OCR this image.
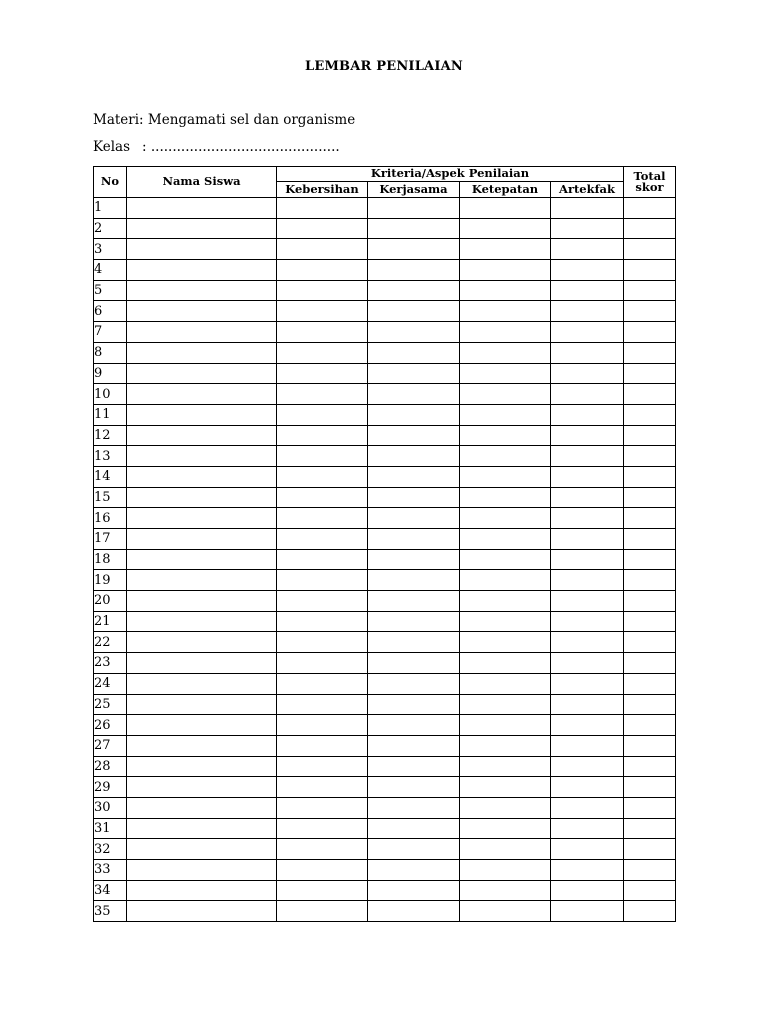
LEMBAR PENILAIAN
Materi: Mengamati sel dan organisme
Kelas : ............................................
No	Nama Siswa	Kriteria/Aspek Penilaian				Total
skor
		Kebersihan	Kerjasama	Ketepatan	Artekfak	
1						
2						
3						
4						
5						
6						
7						
8						
9						
10						
11						
12						
13						
14						
15						
16						
17						
18						
19						
20						
21						
22						
23						
24						
25						
26						
27						
28						
29						
30						
31						
32						
33						
34						
35						
